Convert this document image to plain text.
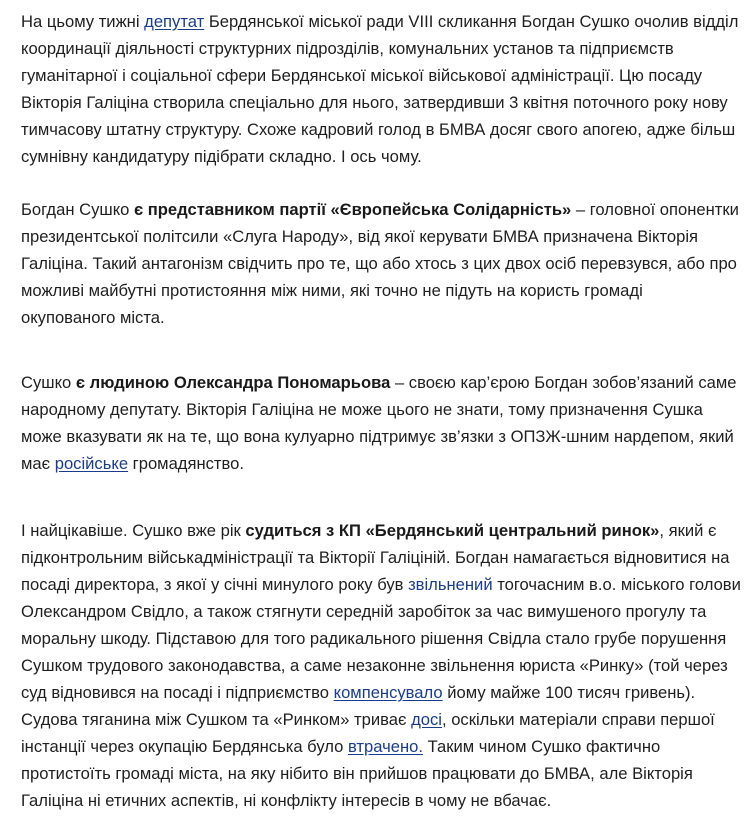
На цьому тижні депутат Бердянської міської ради VIII скликання Богдан Сушко очолив відділ координації діяльності структурних підрозділів, комунальних установ та підприємств гуманітарної і соціальної сфери Бердянської міської військової адміністрації. Цю посаду Вікторія Галіціна створила спеціально для нього, затвердивши 3 квітня поточного року нову тимчасову штатну структуру. Схоже кадровий голод в БМВА досяг свого апогею, адже більш сумнівну кандидатуру підібрати складно. І ось чому.

Богдан Сушко є представником партії «Європейська Солідарність» – головної опонентки президентської політсили «Слуга Народу», від якої керувати БМВА призначена Вікторія Галіціна. Такий антагонізм свідчить про те, що або хтось з цих двох осіб перевзувся, або про можливі майбутні протистояння між ними, які точно не підуть на користь громаді окупованого міста.

Сушко є людиною Олександра Пономарьова – своєю кар’єрою Богдан зобов’язаний саме народному депутату. Вікторія Галіціна не може цього не знати, тому призначення Сушка може вказувати як на те, що вона кулуарно підтримує зв’язки з ОПЗЖ-шним нардепом, який має російське громадянство.

І найцікавіше. Сушко вже рік судиться з КП «Бердянський центральний ринок», який є підконтрольним військадміністрації та Вікторії Галіціній. Богдан намагається відновитися на посаді директора, з якої у січні минулого року був звільнений тогочасним в.о. міського голови Олександром Свідло, а також стягнути середній заробіток за час вимушеного прогулу та моральну шкоду. Підставою для того радикального рішення Свідла стало грубе порушення Сушком трудового законодавства, а саме незаконне звільнення юриста «Ринку» (той через суд відновився на посаді і підприємство компенсувало йому майже 100 тисяч гривень). Судова тяганина між Сушком та «Ринком» триває досі, оскільки матеріали справи першої інстанції через окупацію Бердянська було втрачено. Таким чином Сушко фактично протистоїть громаді міста, на яку нібито він прийшов працювати до БМВА, але Вікторія Галіціна ні етичних аспектів, ні конфлікту інтересів в чому не вбачає.
